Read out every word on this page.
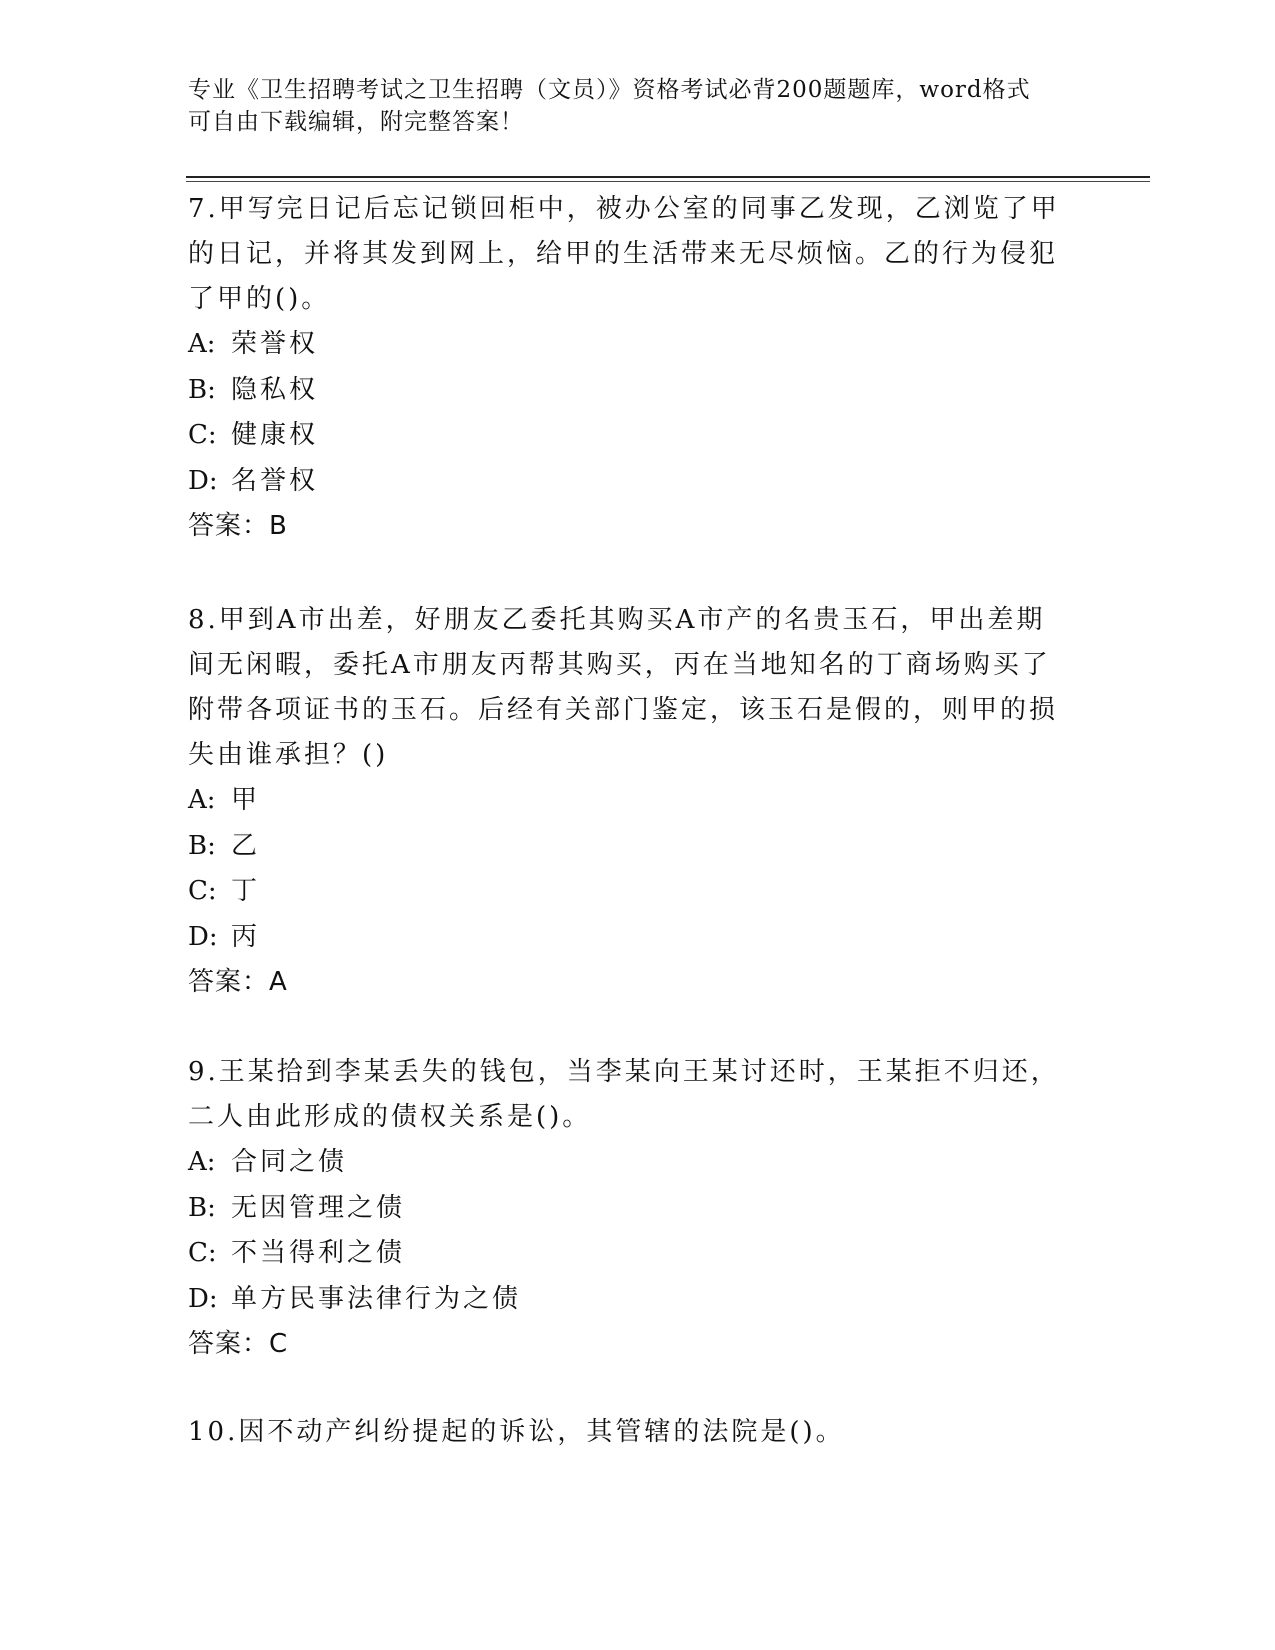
专业《卫生招聘考试之卫生招聘（文员）》资格考试必背200题题库，word格式
可自由下载编辑，附完整答案！
7.甲写完日记后忘记锁回柜中，被办公室的同事乙发现，乙浏览了甲
的日记，并将其发到网上，给甲的生活带来无尽烦恼。乙的行为侵犯
了甲的()。
A: 荣誉权
B: 隐私权
C: 健康权
D: 名誉权
答案：B
8.甲到A市出差，好朋友乙委托其购买A市产的名贵玉石，甲出差期
间无闲暇，委托A市朋友丙帮其购买，丙在当地知名的丁商场购买了
附带各项证书的玉石。后经有关部门鉴定，该玉石是假的，则甲的损
失由谁承担？()
A: 甲
B: 乙
C: 丁
D: 丙
答案：A
9.王某拾到李某丢失的钱包，当李某向王某讨还时，王某拒不归还，
二人由此形成的债权关系是()。
A: 合同之债
B: 无因管理之债
C: 不当得利之债
D: 单方民事法律行为之债
答案：C
10.因不动产纠纷提起的诉讼，其管辖的法院是()。
